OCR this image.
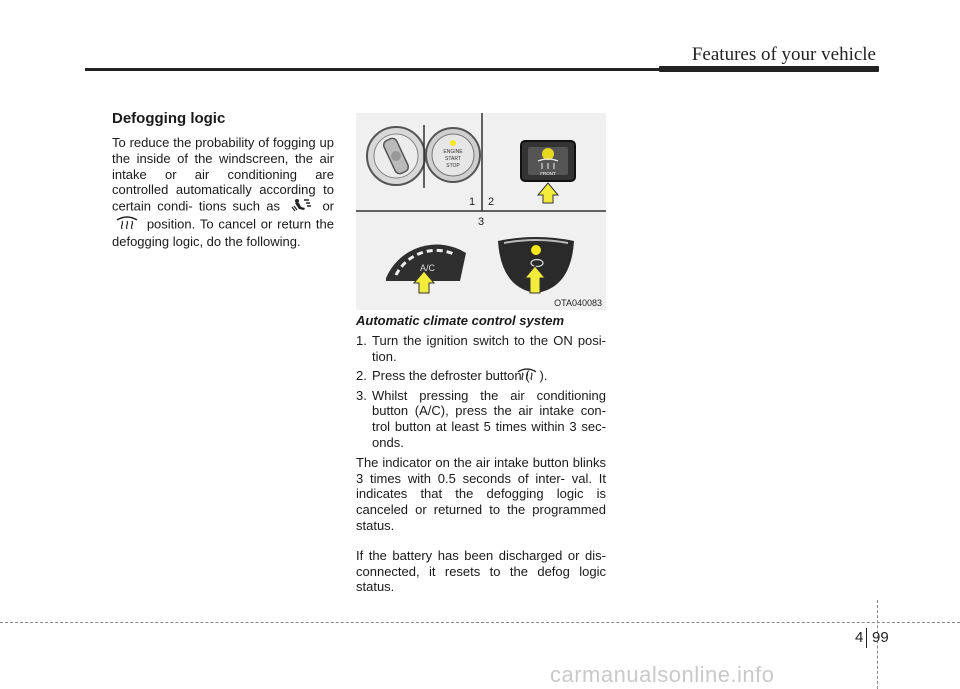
Features of your vehicle
Defogging logic

To reduce the probability of fogging up the inside of the windscreen, the air intake or air conditioning are controlled automatically according to certain condi- tions such as	or  position. To cancel or return the defogging logic, do the following.

ENGINE
START
STOP
1 2
3
FRONT
A/C
OTA040083
Automatic climate control system
1. Turn the ignition switch to the ON posi- tion.
2. Press the defroster button ( ).
3. Whilst pressing the air conditioning button (A/C), press the air intake con- trol button at least 5 times within 3 sec- onds.

The indicator on the air intake button blinks 3 times with 0.5 seconds of inter- val. It indicates that the defogging logic is canceled or returned to the programmed status.

If the battery has been discharged or dis- connected, it resets to the defog logic status.

4 99
carmanualsonline.info
